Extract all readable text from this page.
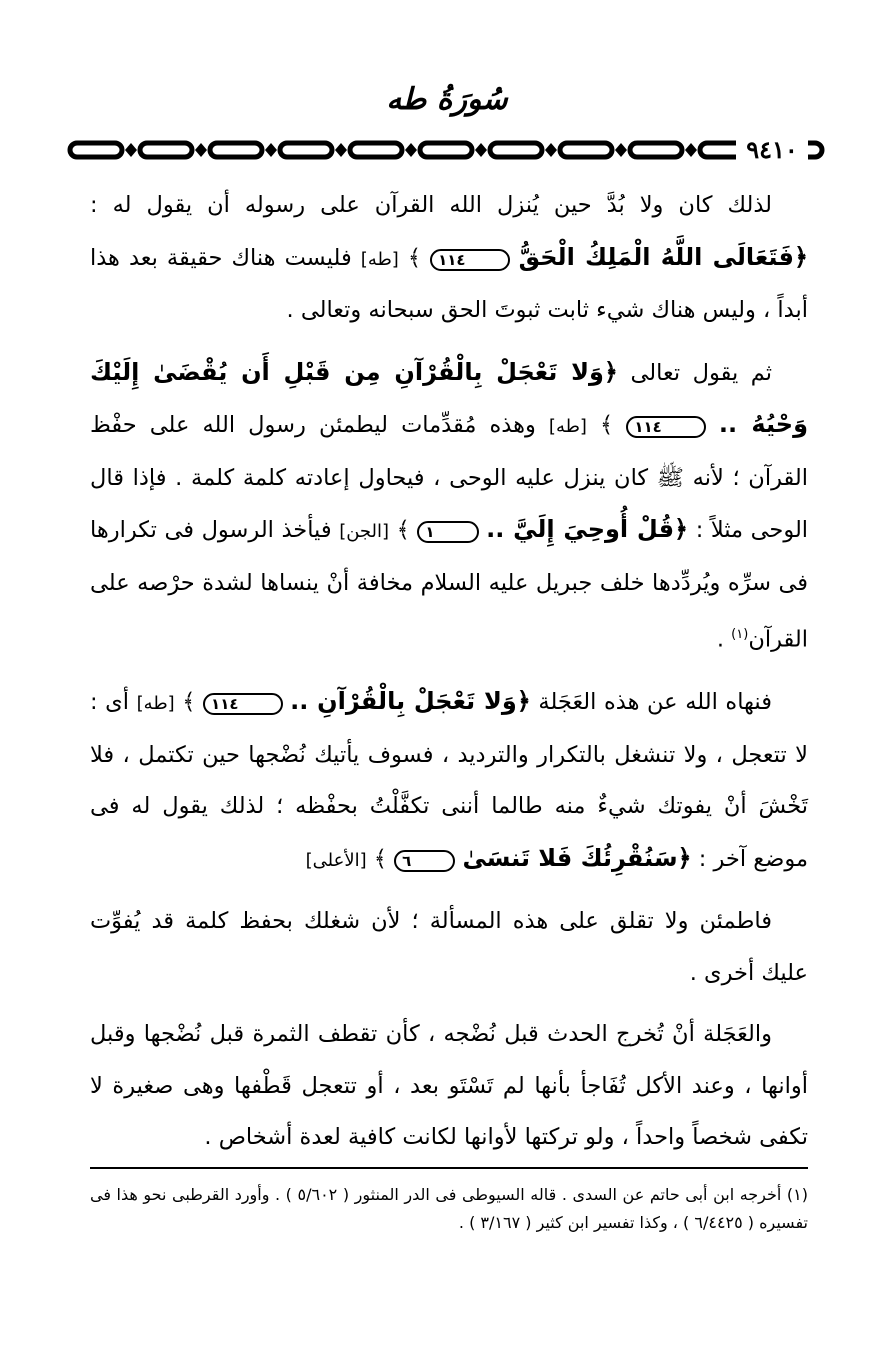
سُورَةُ طه
٩٤١٠

لذلك كان ولا بُدَّ حين يُنزل الله القرآن على رسوله أن يقول له : ﴿فَتَعَالَى اللَّهُ الْمَلِكُ الْحَقُّ ١١٤ ﴾ [طه] فليست هناك حقيقة بعد هذا أبداً ، وليس هناك شيء ثابت ثبوتَ الحق سبحانه وتعالى .

ثم يقول تعالى ﴿وَلا تَعْجَلْ بِالْقُرْآنِ مِن قَبْلِ أَن يُقْضَىٰ إِلَيْكَ وَحْيُهُ .. ١١٤ ﴾ [طه] وهذه مُقدِّمات ليطمئن رسول الله على حفْظ القرآن ؛ لأنه ﷺ كان ينزل عليه الوحى ، فيحاول إعادته كلمة كلمة . فإذا قال الوحى مثلاً : ﴿قُلْ أُوحِيَ إِلَيَّ .. ١ ﴾ [الجن] فيأخذ الرسول فى تكرارها فى سرِّه ويُردِّدها خلف جبريل عليه السلام مخافة أنْ ينساها لشدة حرْصه على القرآن$^{(١)}$ .

فنهاه الله عن هذه العَجَلة ﴿وَلا تَعْجَلْ بِالْقُرْآنِ .. ١١٤ ﴾ [طه] أى : لا تتعجل ، ولا تنشغل بالتكرار والترديد ، فسوف يأتيك نُضْجها حين تكتمل ، فلا تَخْشَ أنْ يفوتك شيءٌ منه طالما أننى تكفَّلْتُ بحفْظه ؛ لذلك يقول له فى موضع آخر : ﴿سَنُقْرِئُكَ فَلا تَنسَىٰ ٦ ﴾ [الأعلى]

فاطمئن ولا تقلق على هذه المسألة ؛ لأن شغلك بحفظ كلمة قد يُفوِّت عليك أخرى .

والعَجَلة أنْ تُخرج الحدث قبل نُضْجه ، كأن تقطف الثمرة قبل نُضْجها وقبل أوانها ، وعند الأكل تُفَاجأ بأنها لم تَسْتَو بعد ، أو تتعجل قَطْفها وهى صغيرة لا تكفى شخصاً واحداً ، ولو تركتها لأوانها لكانت كافية لعدة أشخاص .

(١) أخرجه ابن أبى حاتم عن السدى . قاله السيوطى فى الدر المنثور ( ٥/٦٠٢ ) . وأورد القرطبى نحو هذا فى تفسيره ( ٦/٤٤٢٥ ) ، وكذا تفسير ابن كثير ( ٣/١٦٧ ) .
